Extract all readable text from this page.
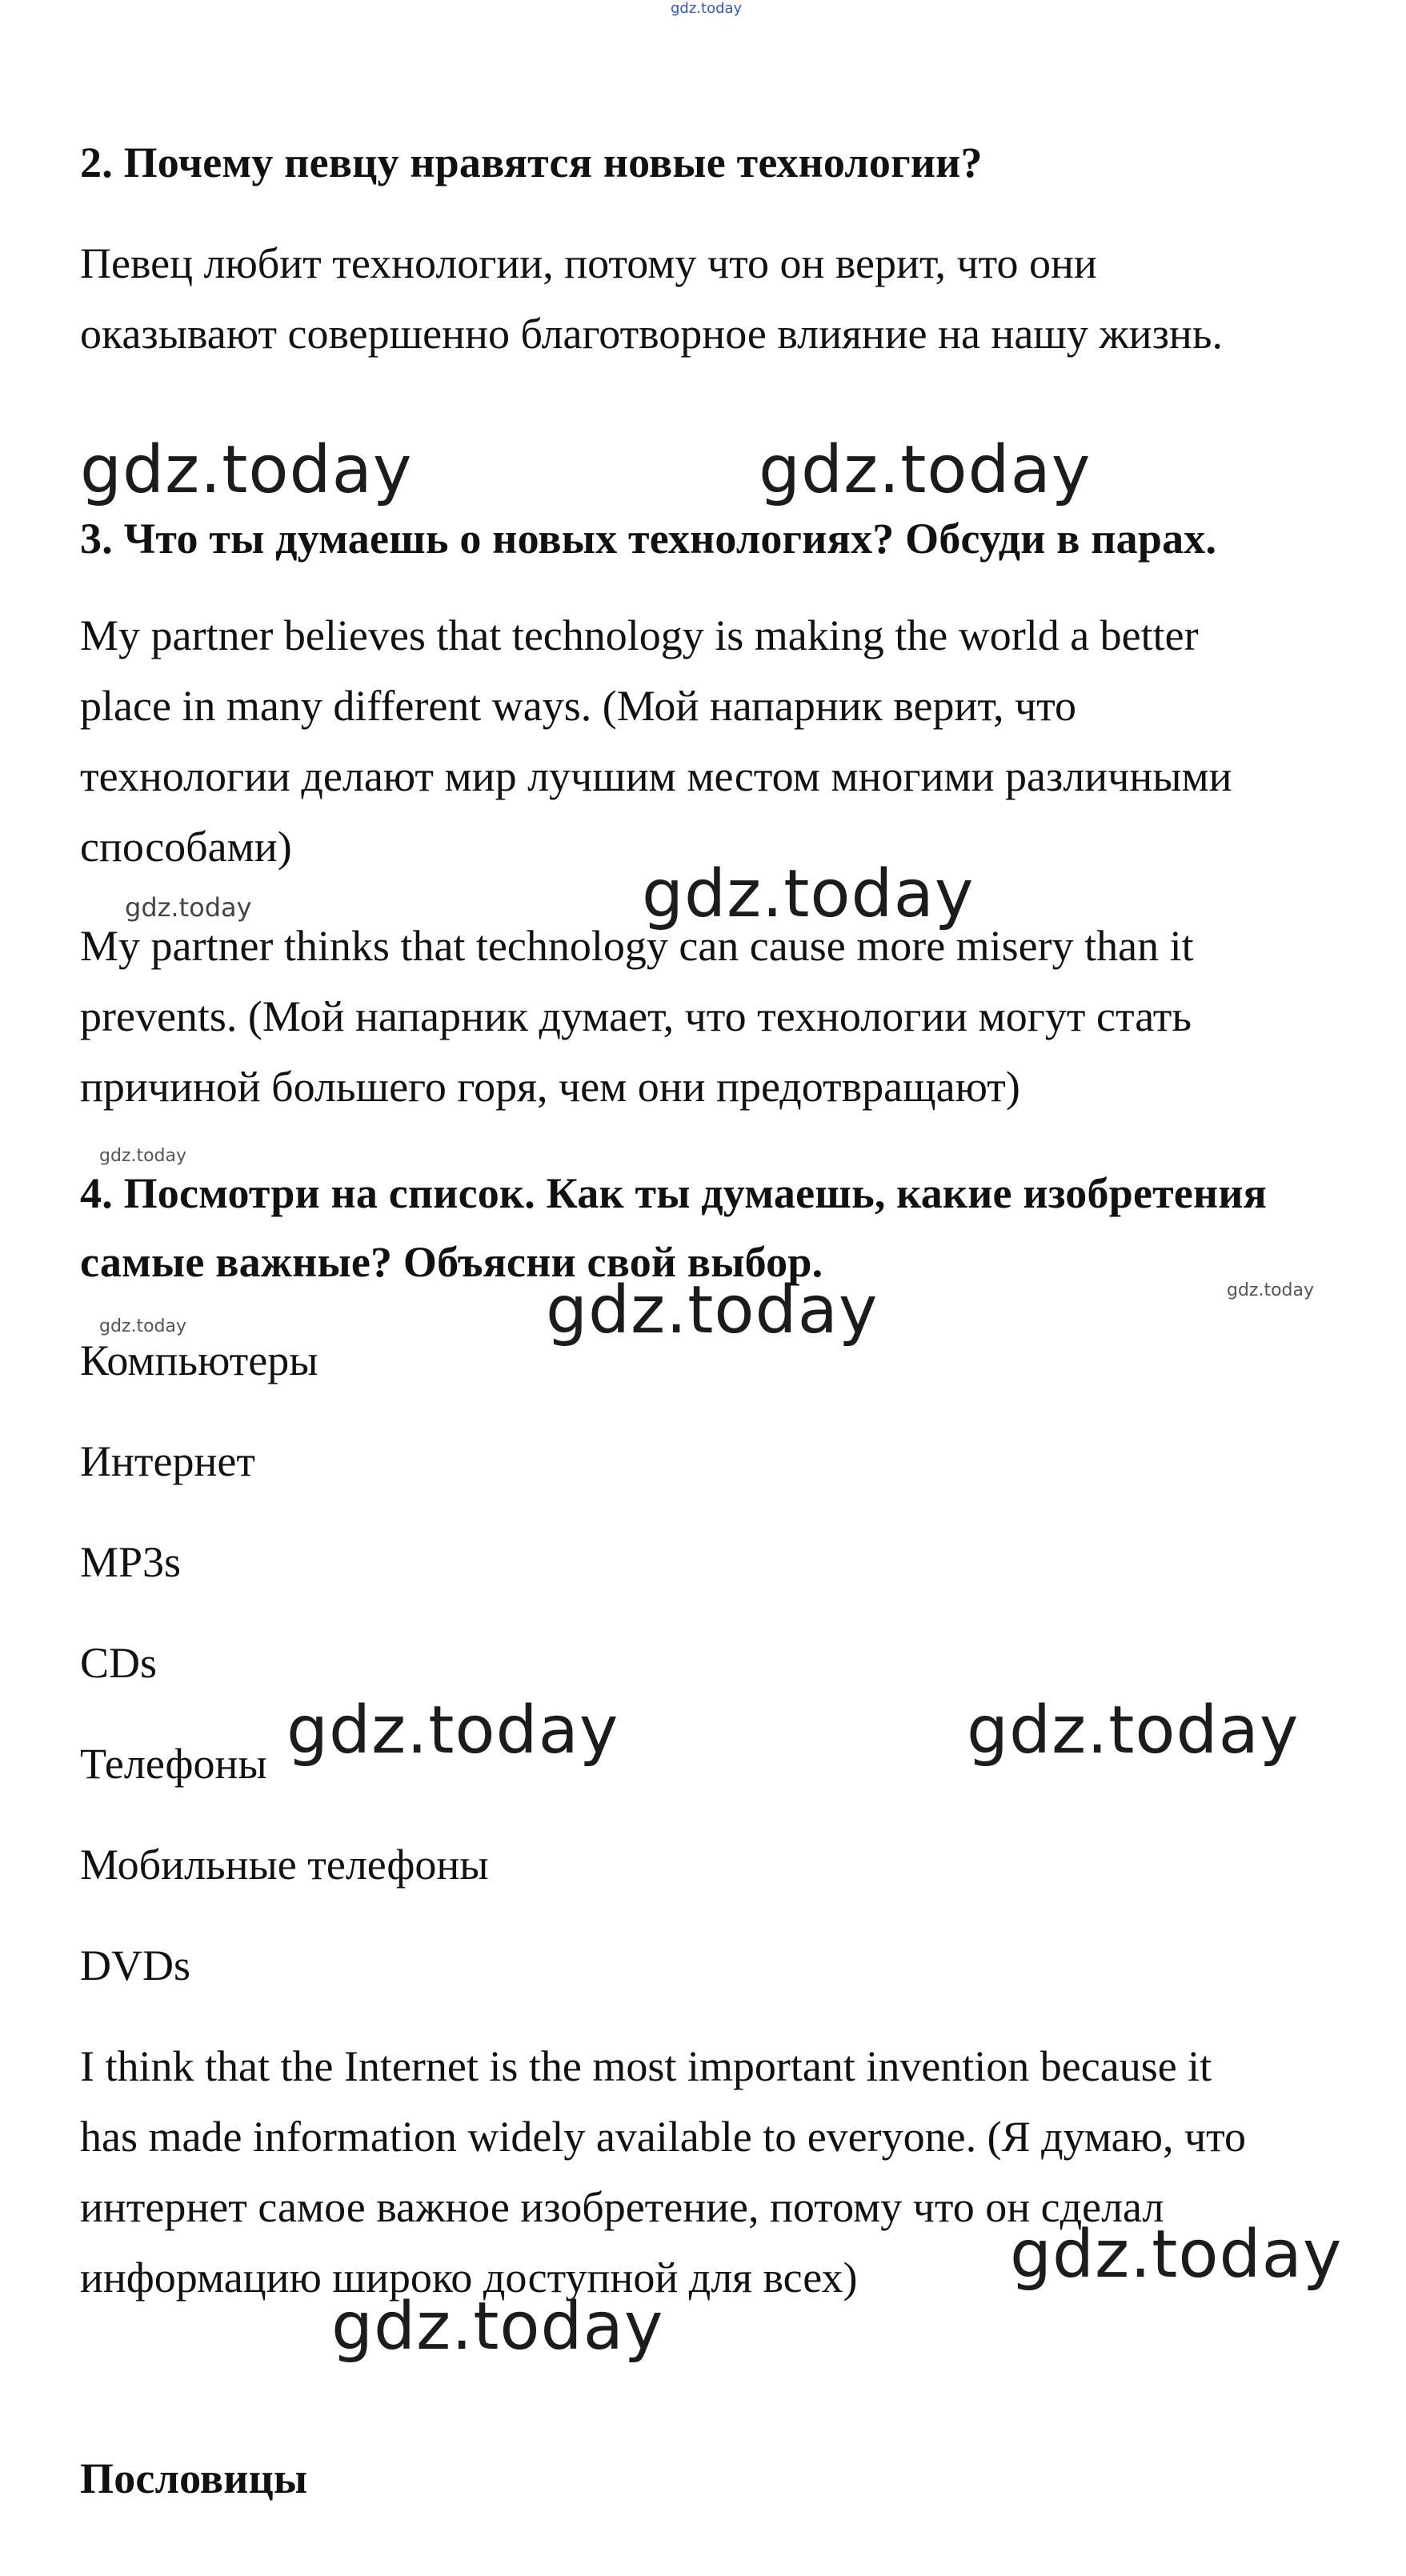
gdz.today
2. Почему певцу нравятся новые технологии?
Певец любит технологии, потому что он верит, что они
оказывают совершенно благотворное влияние на нашу жизнь.
gdz.today	gdz.today
3. Что ты думаешь о новых технологиях? Обсуди в парах.
My partner believes that technology is making the world a better
place in many different ways. (Мой напарник верит, что
технологии делают мир лучшим местом многими различными
способами)
gdz.today	gdz.today
My partner thinks that technology can cause more misery than it
prevents. (Мой напарник думает, что технологии могут стать
причиной большего горя, чем они предотвращают)
gdz.today
4. Посмотри на список. Как ты думаешь, какие изобретения
самые важные? Объясни свой выбор.
gdz.today
gdz.today	gdz.today
Компьютеры
Интернет
MP3s
CDs
Телефоны gdz.today	gdz.today
Мобильные телефоны
DVDs
I think that the Internet is the most important invention because it
has made information widely available to everyone. (Я думаю, что
интернет самое важное изобретение, потому что он сделал
информацию широко доступной для всех) gdz.today
gdz.today
Пословицы
